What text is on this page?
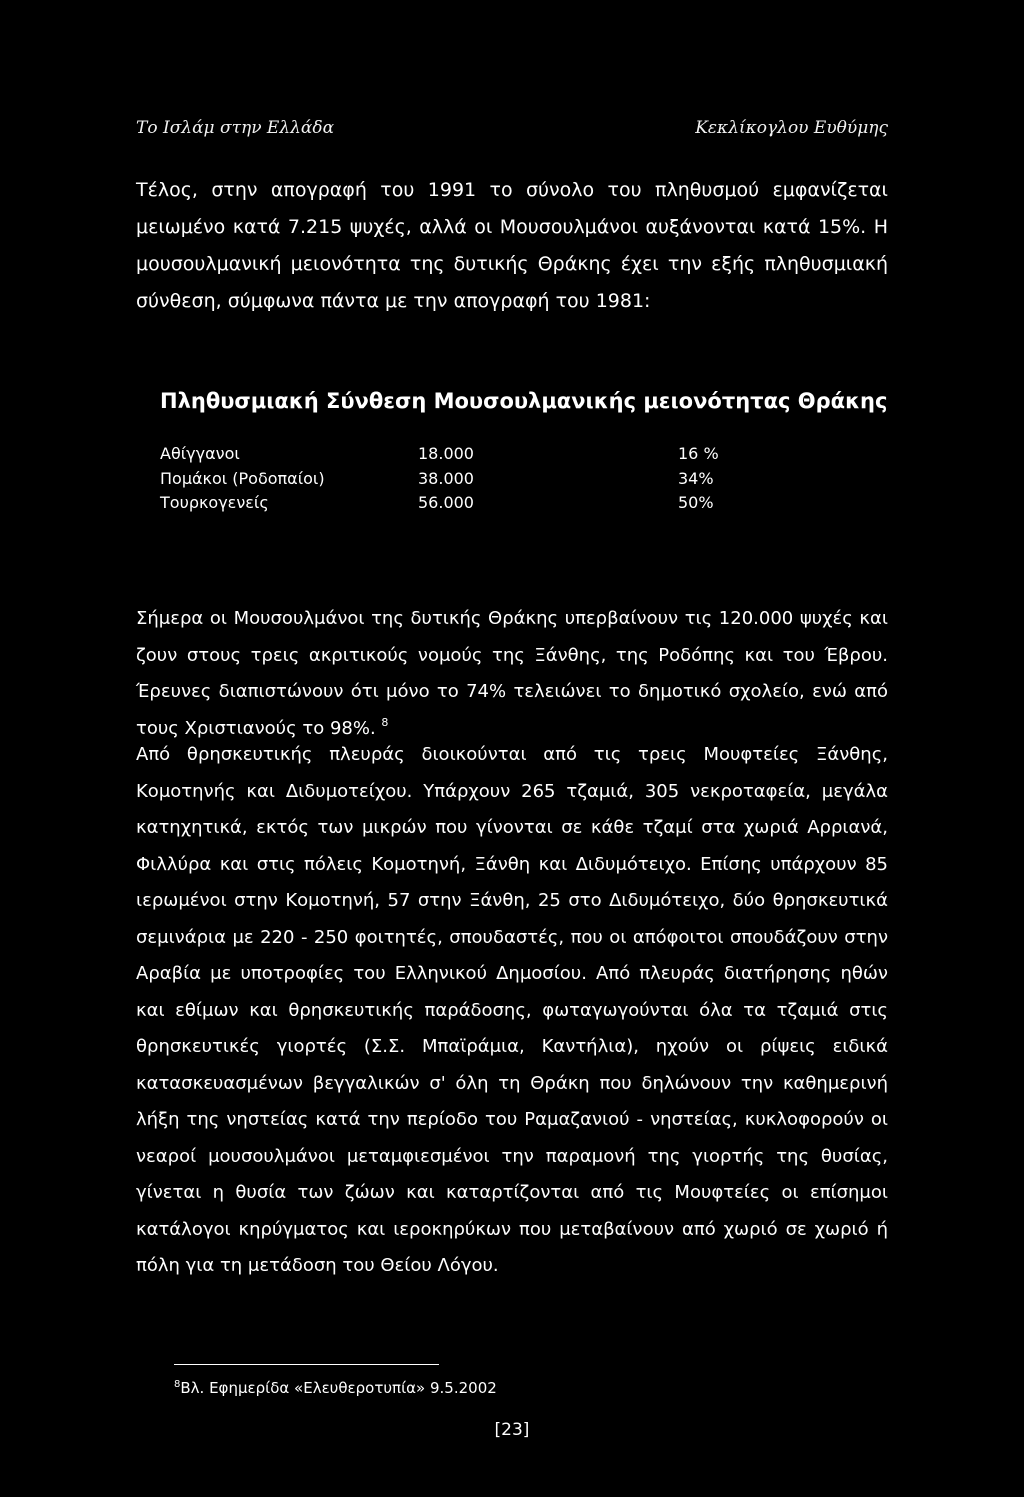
Το Ισλάμ στην Ελλάδα	Κεκλίκογλου Ευθύμης

Τέλος, στην απογραφή του 1991 το σύνολο του πληθυσμού εμφανίζεται μειωμένο κατά 7.215 ψυχές, αλλά οι Μουσουλμάνοι αυξάνονται κατά 15%. Η μουσουλμανική μειονότητα της δυτικής Θράκης έχει την εξής πληθυσμιακή σύνθεση, σύμφωνα πάντα με την απογραφή του 1981:

Πληθυσμιακή Σύνθεση Μουσουλμανικής μειονότητας Θράκης
Αθίγγανοι	18.000	16 %
Πομάκοι (Ροδοπαίοι)	38.000	34%
Τουρκογενείς	56.000	50%

Σήμερα οι Μουσουλμάνοι της δυτικής Θράκης υπερβαίνουν τις 120.000 ψυχές και ζουν στους τρεις ακριτικούς νομούς της Ξάνθης, της Ροδόπης και του Έβρου. Έρευνες διαπιστώνουν ότι μόνο το 74% τελειώνει το δημοτικό σχολείο, ενώ από τους Χριστιανούς το 98%. $^8$

Από θρησκευτικής πλευράς διοικούνται από τις τρεις Μουφτείες Ξάνθης, Κομοτηνής και Διδυμοτείχου. Υπάρχουν 265 τζαμιά, 305 νεκροταφεία, μεγάλα κατηχητικά, εκτός των μικρών που γίνονται σε κάθε τζαμί στα χωριά Αρριανά, Φιλλύρα και στις πόλεις Κομοτηνή, Ξάνθη και Διδυμότειχο. Επίσης υπάρχουν 85 ιερωμένοι στην Κομοτηνή, 57 στην Ξάνθη, 25 στο Διδυμότειχο, δύο θρησκευτικά σεμινάρια με 220 - 250 φοιτητές, σπουδαστές, που οι απόφοιτοι σπουδάζουν στην Αραβία με υποτροφίες του Ελληνικού Δημοσίου. Από πλευράς διατήρησης ηθών και εθίμων και θρησκευτικής παράδοσης, φωταγωγούνται όλα τα τζαμιά στις θρησκευτικές γιορτές (Σ.Σ. Μπαϊράμια, Καντήλια), ηχούν οι ρίψεις ειδικά κατασκευασμένων βεγγαλικών σ' όλη τη Θράκη που δηλώνουν την καθημερινή λήξη της νηστείας κατά την περίοδο του Ραμαζανιού - νηστείας, κυκλοφορούν οι νεαροί μουσουλμάνοι μεταμφιεσμένοι την παραμονή της γιορτής της θυσίας, γίνεται η θυσία των ζώων και καταρτίζονται από τις Μουφτείες οι επίσημοι κατάλογοι κηρύγματος και ιεροκηρύκων που μεταβαίνουν από χωριό σε χωριό ή πόλη για τη μετάδοση του Θείου Λόγου.

$^8$Βλ. Εφημερίδα «Ελευθεροτυπία» 9.5.2002
[23]
